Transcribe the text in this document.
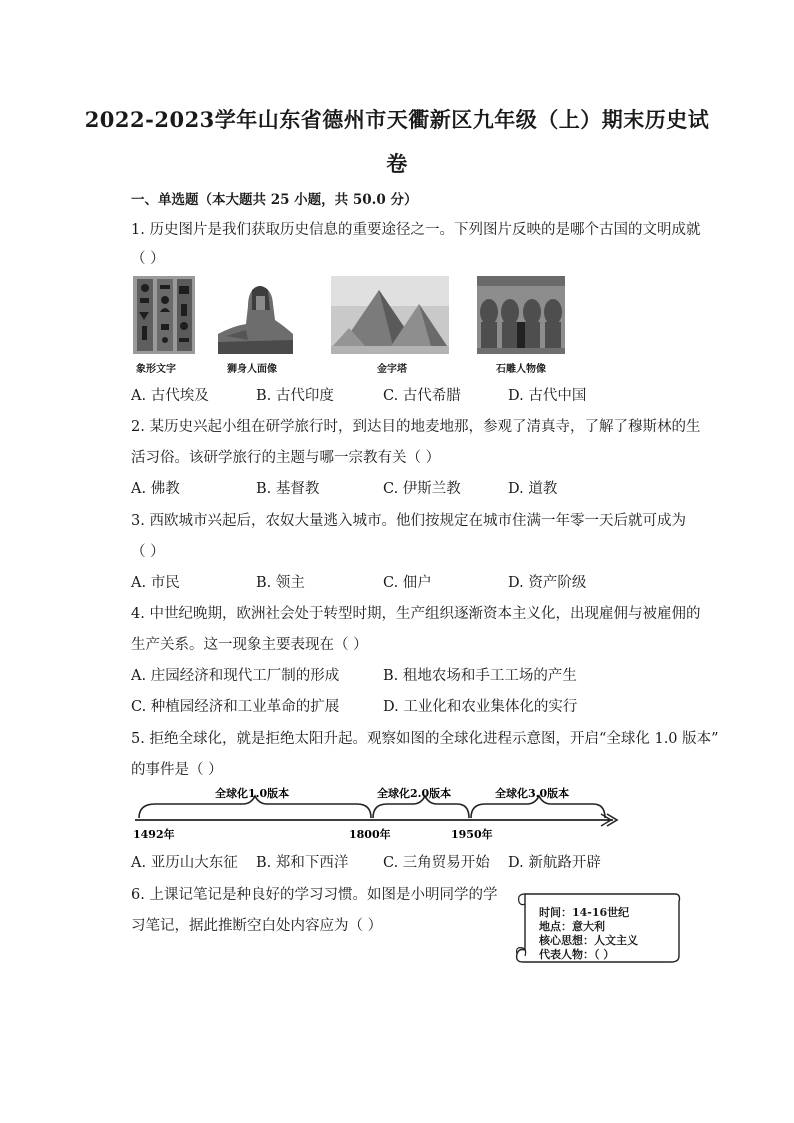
2022-2023学年山东省德州市天衢新区九年级（上）期末历史试
卷
一、单选题（本大题共 25 小题，共 50.0 分）
1. 历史图片是我们获取历史信息的重要途径之一。下列图片反映的是哪个古国的文明成就
（ ）
象形文字	狮身人面像	金字塔	石雕人物像
A. 古代埃及	B. 古代印度	C. 古代希腊	D. 古代中国
2. 某历史兴起小组在研学旅行时，到达目的地麦地那，参观了清真寺，了解了穆斯林的生
活习俗。该研学旅行的主题与哪一宗教有关（ ）
A. 佛教	B. 基督教	C. 伊斯兰教	D. 道教
3. 西欧城市兴起后，农奴大量逃入城市。他们按规定在城市住满一年零一天后就可成为
（ ）
A. 市民	B. 领主	C. 佃户	D. 资产阶级
4. 中世纪晚期，欧洲社会处于转型时期，生产组织逐渐资本主义化，出现雇佣与被雇佣的
生产关系。这一现象主要表现在（ ）
A. 庄园经济和现代工厂制的形成	B. 租地农场和手工工场的产生
C. 种植园经济和工业革命的扩展	D. 工业化和农业集体化的实行
5. 拒绝全球化，就是拒绝太阳升起。观察如图的全球化进程示意图，开启“全球化 1.0 版本”
的事件是（ ）
全球化1.0版本	全球化2.0版本	全球化3.0版本
1492年	1800年	1950年
A. 亚历山大东征 B. 郑和下西洋 C. 三角贸易开始 D. 新航路开辟
6. 上课记笔记是种良好的学习习惯。如图是小明同学的学
习笔记，据此推断空白处内容应为（ ）
时间：14-16世纪
地点：意大利
核心思想：人文主义
代表人物：（ ）
